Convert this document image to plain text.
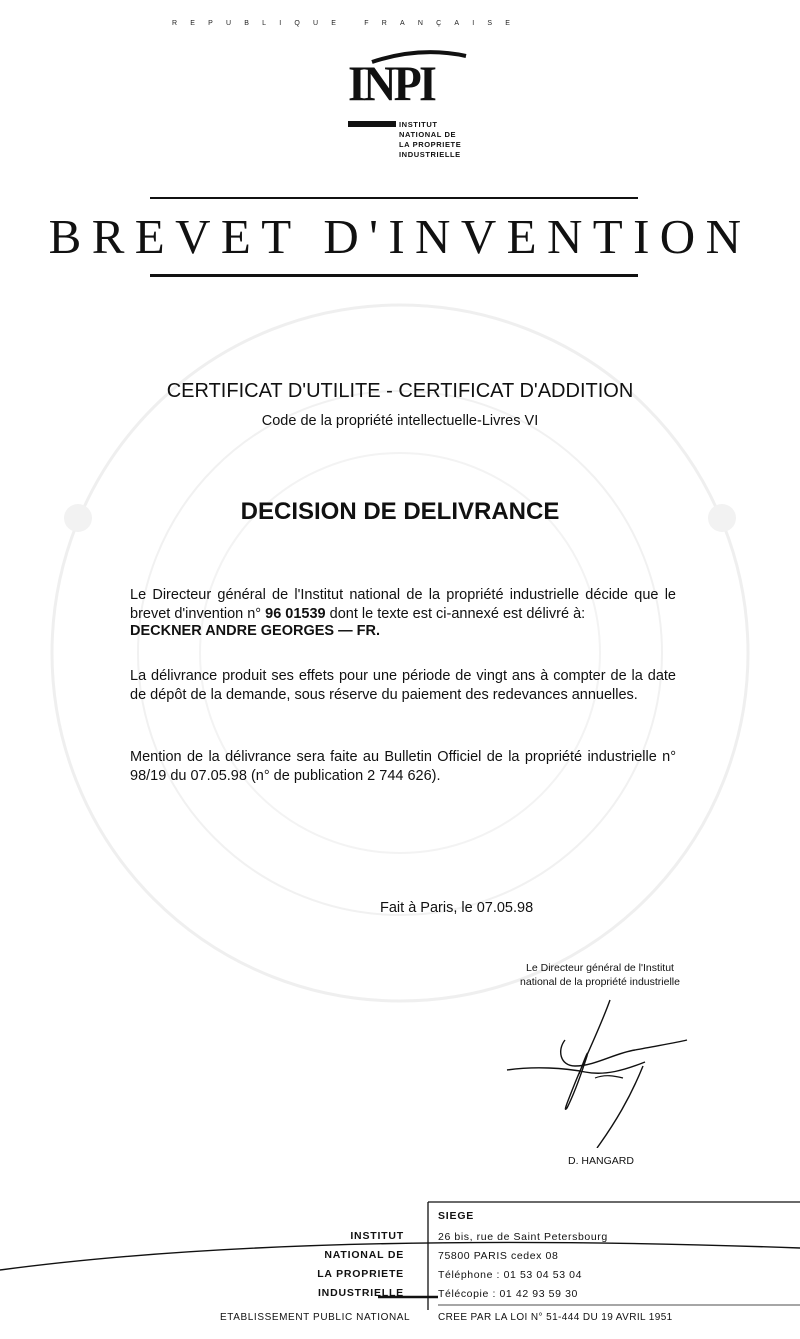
REPUBLIQUE FRANÇAISE
INPI
INSTITUT
NATIONAL DE
LA PROPRIETE
INDUSTRIELLE
BREVET D'INVENTION
CERTIFICAT D'UTILITE - CERTIFICAT D'ADDITION
Code de la propriété intellectuelle-Livres VI
DECISION DE DELIVRANCE
Le Directeur général de l'Institut national de la propriété industrielle décide que le brevet d'invention n° 96 01539 dont le texte est ci-annexé est délivré à:
DECKNER ANDRE GEORGES — FR.
La délivrance produit ses effets pour une période de vingt ans à compter de la date de dépôt de la demande, sous réserve du paiement des redevances annuelles.
Mention de la délivrance sera faite au Bulletin Officiel de la propriété industrielle n° 98/19 du 07.05.98 (n° de publication 2 744 626).
Fait à Paris, le 07.05.98
Le Directeur général de l'Institut
national de la propriété industrielle
D. HANGARD
INSTITUT
NATIONAL DE
LA PROPRIETE
INDUSTRIELLE
SIEGE
26 bis, rue de Saint Petersbourg
75800 PARIS cedex 08
Téléphone : 01 53 04 53 04
Télécopie : 01 42 93 59 30
ETABLISSEMENT PUBLIC NATIONAL	CREE PAR LA LOI N° 51-444 DU 19 AVRIL 1951
